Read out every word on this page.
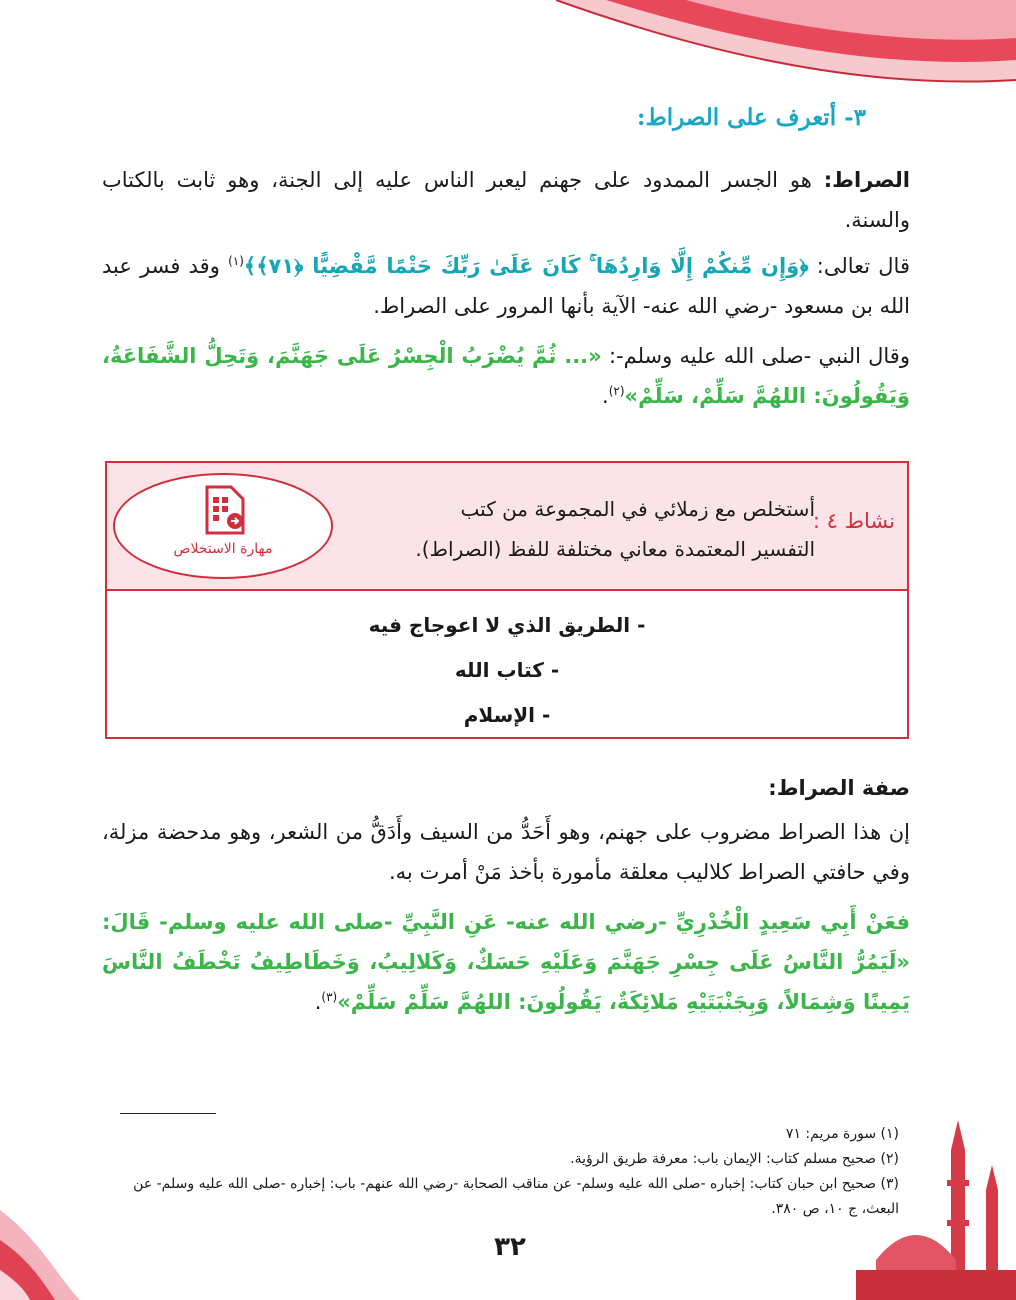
٣- أتعرف على الصراط:
الصراط: هو الجسر الممدود على جهنم ليعبر الناس عليه إلى الجنة، وهو ثابت بالكتاب والسنة.
قال تعالى: ﴿وَإِن مِّنكُمْ إِلَّا وَارِدُهَا ۚ كَانَ عَلَىٰ رَبِّكَ حَتْمًا مَّقْضِيًّا ﴿٧١﴾﴾$^{(١)}$ وقد فسر عبد الله بن مسعود -رضي الله عنه- الآية بأنها المرور على الصراط.
وقال النبي -صلى الله عليه وسلم-: «... ثُمَّ يُضْرَبُ الْجِسْرُ عَلَى جَهَنَّمَ، وَتَحِلُّ الشَّفَاعَةُ، وَيَقُولُونَ: اللهُمَّ سَلِّمْ، سَلِّمْ»$^{(٢)}$.
نشاط ٤ :
أستخلص مع زملائي في المجموعة من كتب التفسير المعتمدة معاني مختلفة للفظ (الصراط).
مهارة الاستخلاص
- الطريق الذي لا اعوجاج فيه
- كتاب الله
- الإسلام
صفة الصراط:
إن هذا الصراط مضروب على جهنم، وهو أَحَدُّ من السيف وأَدَقُّ من الشعر، وهو مدحضة مزلة، وفي حافتي الصراط كلاليب معلقة مأمورة بأخذ مَنْ أمرت به.
فعَنْ أَبِي سَعِيدٍ الْخُدْرِيِّ -رضي الله عنه- عَنِ النَّبِيِّ -صلى الله عليه وسلم- قَالَ: «لَيَمُرُّ النَّاسُ عَلَى جِسْرِ جَهَنَّمَ وَعَلَيْهِ حَسَكٌ، وَكَلالِيبُ، وَخَطَاطِيفُ تَخْطَفُ النَّاسَ يَمِينًا وَشِمَالاً، وَبِجَنْبَتَيْهِ مَلائِكَةٌ، يَقُولُونَ: اللهُمَّ سَلِّمْ سَلِّمْ»$^{(٣)}$.
(١) سورة مريم: ٧١
(٢) صحيح مسلم كتاب: الإيمان باب: معرفة طريق الرؤية.
(٣) صحيح ابن حبان كتاب: إخباره -صلى الله عليه وسلم- عن مناقب الصحابة -رضي الله عنهم- باب: إخباره -صلى الله عليه وسلم- عن البعث، ج ١٠، ص ٣٨٠.
٣٢
